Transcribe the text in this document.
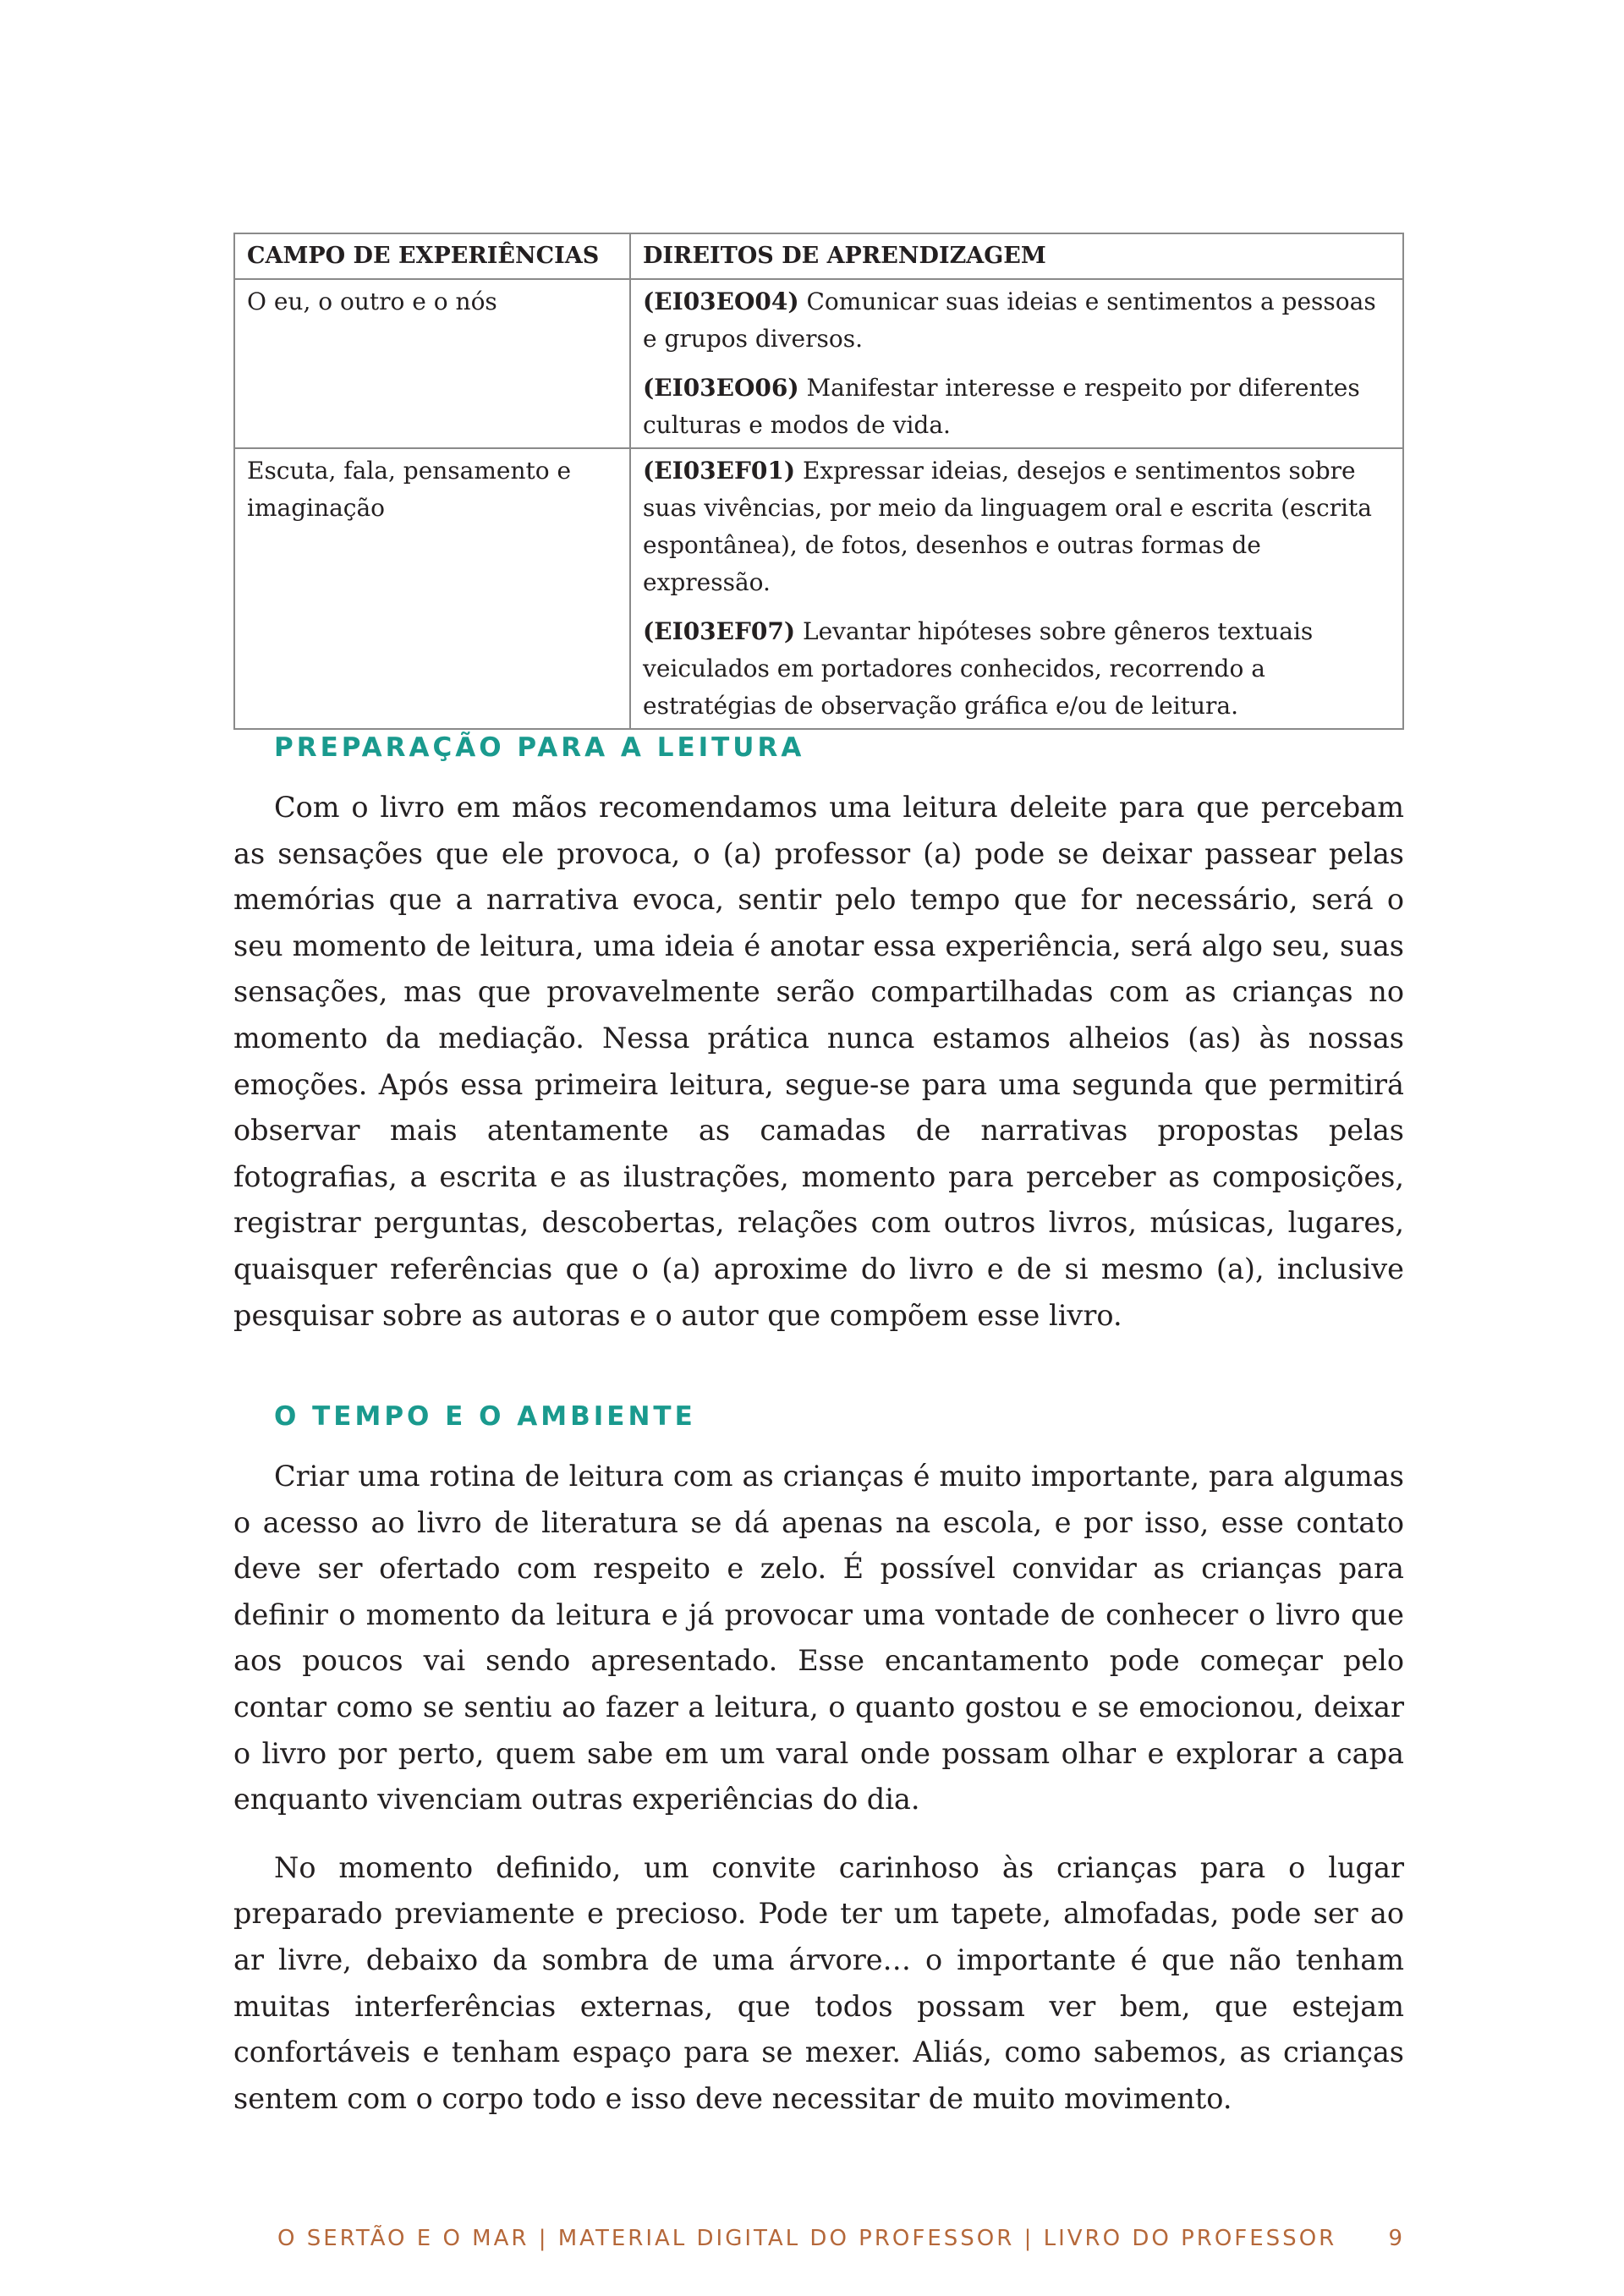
CAMPO DE EXPERIÊNCIAS	DIREITOS DE APRENDIZAGEM
O eu, o outro e o nós	(EI03EO04) Comunicar suas ideias e sentimentos a pessoas e grupos diversos.

(EI03EO06) Manifestar interesse e respeito por diferentes culturas e modos de vida.

Escuta, fala, pensamento e imaginação	(EI03EF01) Expressar ideias, desejos e sentimentos sobre suas vivências, por meio da linguagem oral e escrita (escrita espontânea), de fotos, desenhos e outras formas de expressão.

(EI03EF07) Levantar hipóteses sobre gêneros textuais veiculados em portadores conhecidos, recorrendo a estratégias de observação gráfica e/ou de leitura.

PREPARAÇÃO PARA A LEITURA

Com o livro em mãos recomendamos uma leitura deleite para que percebam as sensações que ele provoca, o (a) professor (a) pode se deixar passear pelas memórias que a narrativa evoca, sentir pelo tempo que for necessário, será o seu momento de leitura, uma ideia é anotar essa experiência, será algo seu, suas sensações, mas que provavelmente serão compartilhadas com as crianças no momento da mediação. Nessa prática nunca estamos alheios (as) às nossas emoções. Após essa primeira leitura, segue-se para uma segunda que permitirá observar mais atentamente as camadas de narrativas propostas pelas fotografias, a escrita e as ilustrações, momento para perceber as composições, registrar perguntas, descobertas, relações com outros livros, músicas, lugares, quaisquer referências que o (a) aproxime do livro e de si mesmo (a), inclusive pesquisar sobre as autoras e o autor que compõem esse livro.

O TEMPO E O AMBIENTE

Criar uma rotina de leitura com as crianças é muito importante, para algumas o acesso ao livro de literatura se dá apenas na escola, e por isso, esse contato deve ser ofertado com respeito e zelo. É possível convidar as crianças para definir o momento da leitura e já provocar uma vontade de conhecer o livro que aos poucos vai sendo apresentado. Esse encantamento pode começar pelo contar como se sentiu ao fazer a leitura, o quanto gostou e se emocionou, deixar o livro por perto, quem sabe em um varal onde possam olhar e explorar a capa enquanto vivenciam outras experiências do dia.

No momento definido, um convite carinhoso às crianças para o lugar preparado previamente e precioso. Pode ter um tapete, almofadas, pode ser ao ar livre, debaixo da sombra de uma árvore… o importante é que não tenham muitas interferências externas, que todos possam ver bem, que estejam confortáveis e tenham espaço para se mexer. Aliás, como sabemos, as crianças sentem com o corpo todo e isso deve necessitar de muito movimento.

O SERTÃO E O MAR | MATERIAL DIGITAL DO PROFESSOR | LIVRO DO PROFESSOR 9
